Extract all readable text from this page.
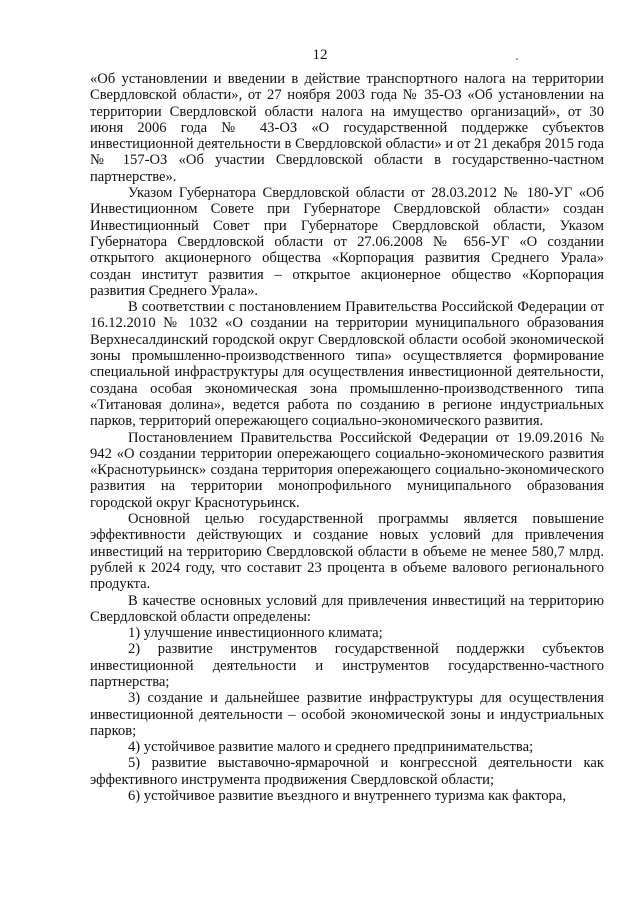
12

«Об установлении и введении в действие транспортного налога на территории Свердловской области», от 27 ноября 2003 года № 35-ОЗ «Об установлении на территории Свердловской области налога на имущество организаций», от 30 июня 2006 года № 43-ОЗ «О государственной поддержке субъектов инвестиционной деятельности в Свердловской области» и от 21 декабря 2015 года № 157-ОЗ «Об участии Свердловской области в государственно-частном партнерстве».

Указом Губернатора Свердловской области от 28.03.2012 № 180-УГ «Об Инвестиционном Совете при Губернаторе Свердловской области» создан Инвестиционный Совет при Губернаторе Свердловской области, Указом Губернатора Свердловской области от 27.06.2008 № 656-УГ «О создании открытого акционерного общества «Корпорация развития Среднего Урала» создан институт развития – открытое акционерное общество «Корпорация развития Среднего Урала».

В соответствии с постановлением Правительства Российской Федерации от 16.12.2010 № 1032 «О создании на территории муниципального образования Верхнесалдинский городской округ Свердловской области особой экономической зоны промышленно-производственного типа» осуществляется формирование специальной инфраструктуры для осуществления инвестиционной деятельности, создана особая экономическая зона промышленно-производственного типа «Титановая долина», ведется работа по созданию в регионе индустриальных парков, территорий опережающего социально-экономического развития.

Постановлением Правительства Российской Федерации от 19.09.2016 № 942 «О создании территории опережающего социально-экономического развития «Краснотурьинск» создана территория опережающего социально-экономического развития на территории монопрофильного муниципального образования городской округ Краснотурьинск.

Основной целью государственной программы является повышение эффективности действующих и создание новых условий для привлечения инвестиций на территорию Свердловской области в объеме не менее 580,7 млрд. рублей к 2024 году, что составит 23 процента в объеме валового регионального продукта.

В качестве основных условий для привлечения инвестиций на территорию Свердловской области определены:

1) улучшение инвестиционного климата;

2) развитие инструментов государственной поддержки субъектов инвестиционной деятельности и инструментов государственно-частного партнерства;

3) создание и дальнейшее развитие инфраструктуры для осуществления инвестиционной деятельности – особой экономической зоны и индустриальных парков;

4) устойчивое развитие малого и среднего предпринимательства;

5) развитие выставочно-ярмарочной и конгрессной деятельности как эффективного инструмента продвижения Свердловской области;

6) устойчивое развитие въездного и внутреннего туризма как фактора,
